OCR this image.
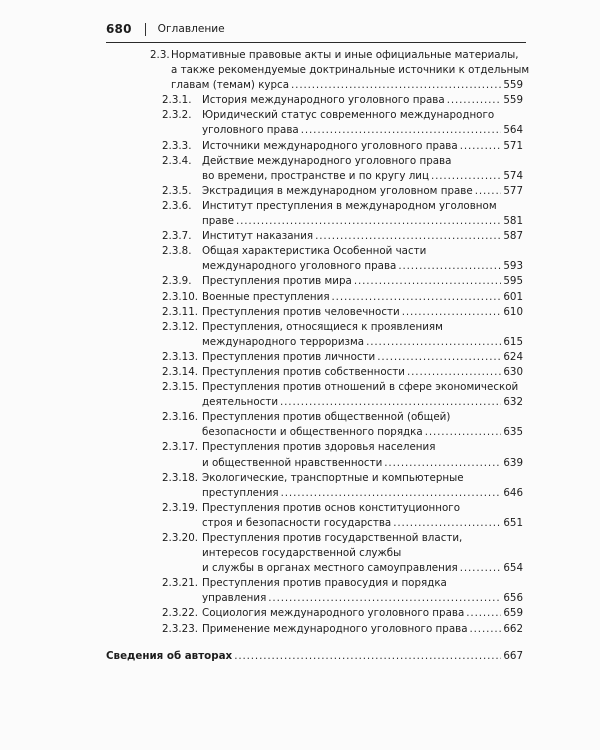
680 Оглавление
2.3. Нормативные правовые акты и иные официальные материалы,
а также рекомендуемые доктринальные источники к отдельным
главам (темам) курса . . .	559
2.3.1. История международного уголовного права . . .	559
2.3.2. Юридический статус современного международного
уголовного права . . .	564
2.3.3. Источники международного уголовного права . . .	571
2.3.4. Действие международного уголовного права
во времени, пространстве и по кругу лиц . . .	574
2.3.5. Экстрадиция в международном уголовном праве . . .	577
2.3.6. Институт преступления в международном уголовном
праве . . .	581
2.3.7. Институт наказания . . .	587
2.3.8. Общая характеристика Особенной части
международного уголовного права . . .	593
2.3.9. Преступления против мира . . .	595
2.3.10. Военные преступления . . .	601
2.3.11. Преступления против человечности . . .	610
2.3.12. Преступления, относящиеся к проявлениям
международного терроризма . . .	615
2.3.13. Преступления против личности . . .	624
2.3.14. Преступления против собственности . . .	630
2.3.15. Преступления против отношений в сфере экономической
деятельности . . .	632
2.3.16. Преступления против общественной (общей)
безопасности и общественного порядка . . .	635
2.3.17. Преступления против здоровья населения
и общественной нравственности . . .	639
2.3.18. Экологические, транспортные и компьютерные
преступления . . .	646
2.3.19. Преступления против основ конституционного
строя и безопасности государства . . .	651
2.3.20. Преступления против государственной власти,
интересов государственной службы
и службы в органах местного самоуправления . . .	654
2.3.21. Преступления против правосудия и порядка
управления . . .	656
2.3.22. Социология международного уголовного права . . .	659
2.3.23. Применение международного уголовного права . . .	662
Сведения об авторах . . .	667
